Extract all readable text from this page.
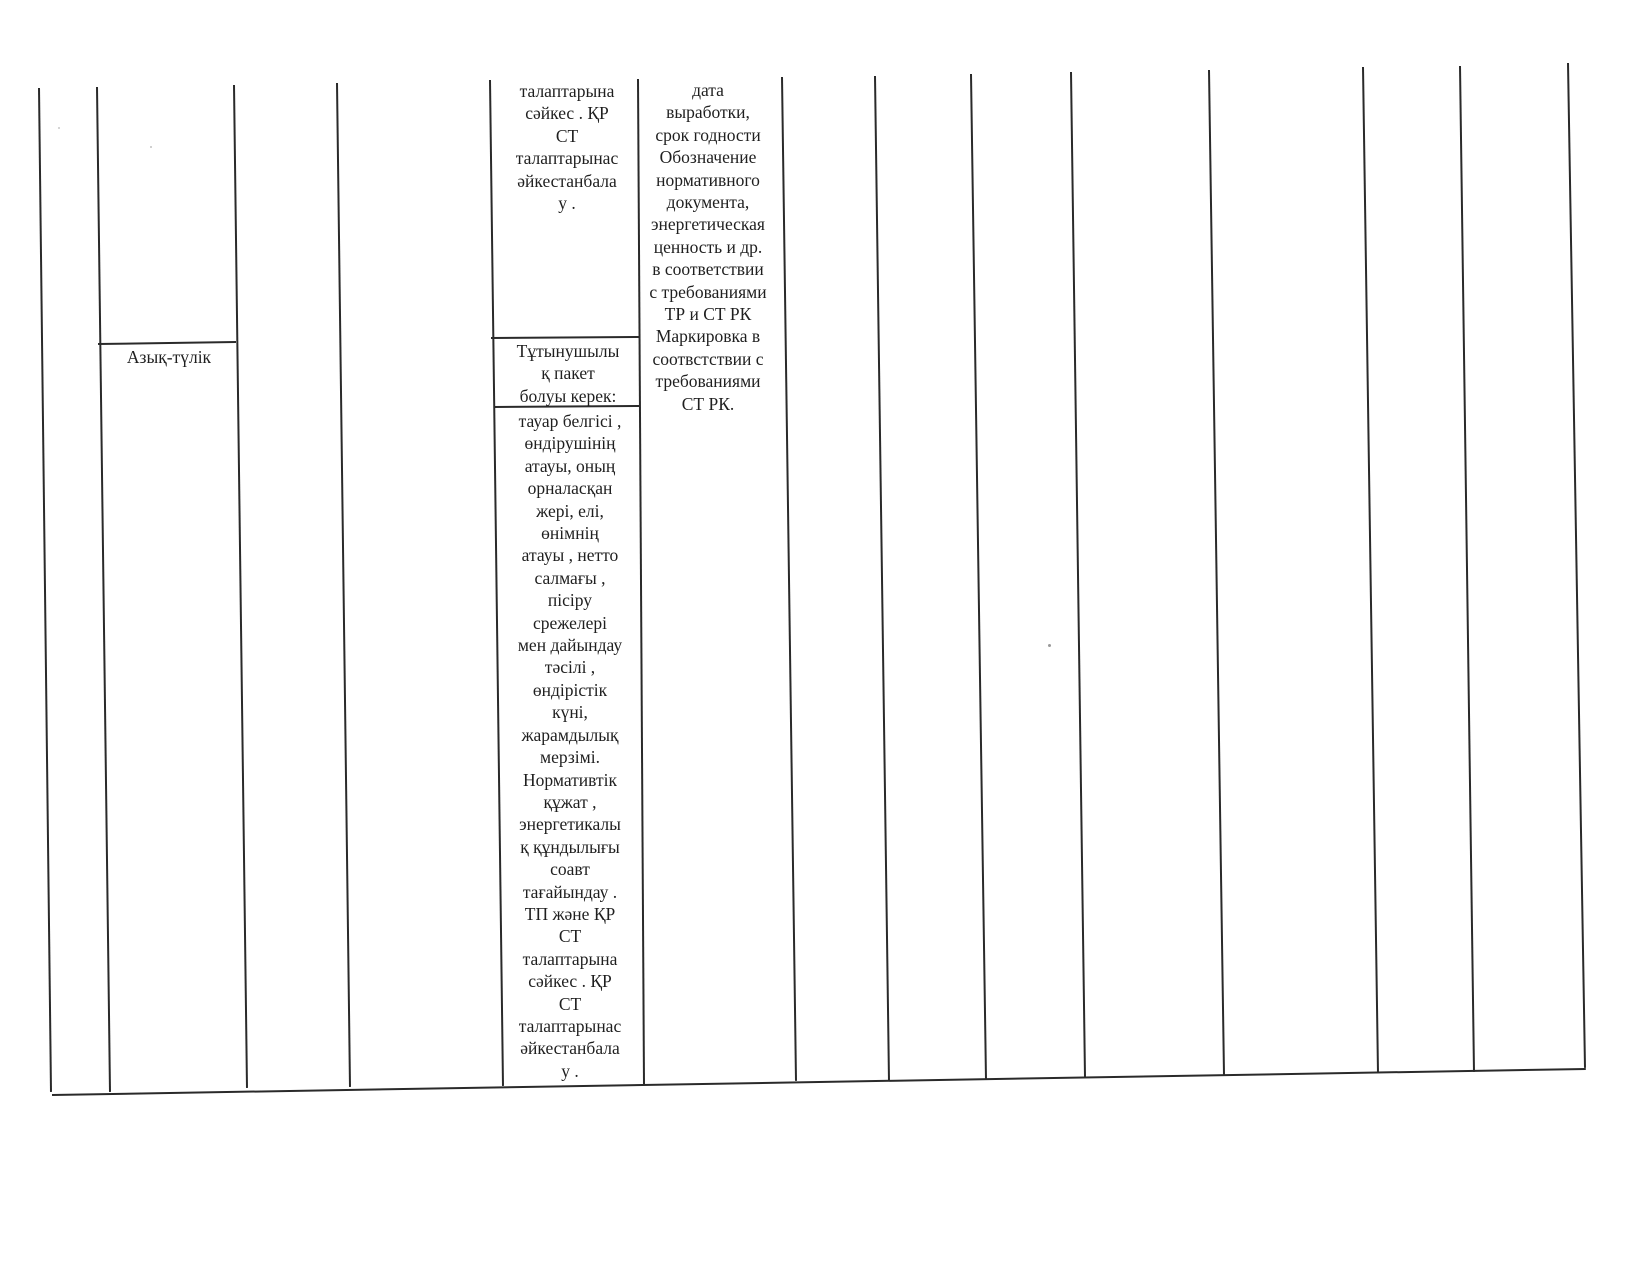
Азық-түлік
талаптарына
сәйкес . ҚР
СТ
талаптарынас
әйкестанбала
у .
Тұтынушылы
қ пакет
болуы керек:
тауар белгісі ,
өндірушінің
атауы, оның
орналасқан
жері, елі,
өнімнің
атауы , нетто
салмағы ,
пісіру
срежелері
мен дайындау
тәсілі ,
өндірістік
күні,
жарамдылық
мерзімі.
Нормативтік
құжат ,
энергетикалы
қ құндылығы
соавт
тағайындау .
ТП және ҚР
СТ
талаптарына
сәйкес . ҚР
СТ
талаптарынас
әйкестанбала
у .
дата
выработки,
срок годности
Обозначение
нормативного
документа,
энергетическая
ценность и др.
в соответствии
с требованиями
ТР и СТ РК
Маркировка в
соотвстствии с
требованиями
СТ РК.
